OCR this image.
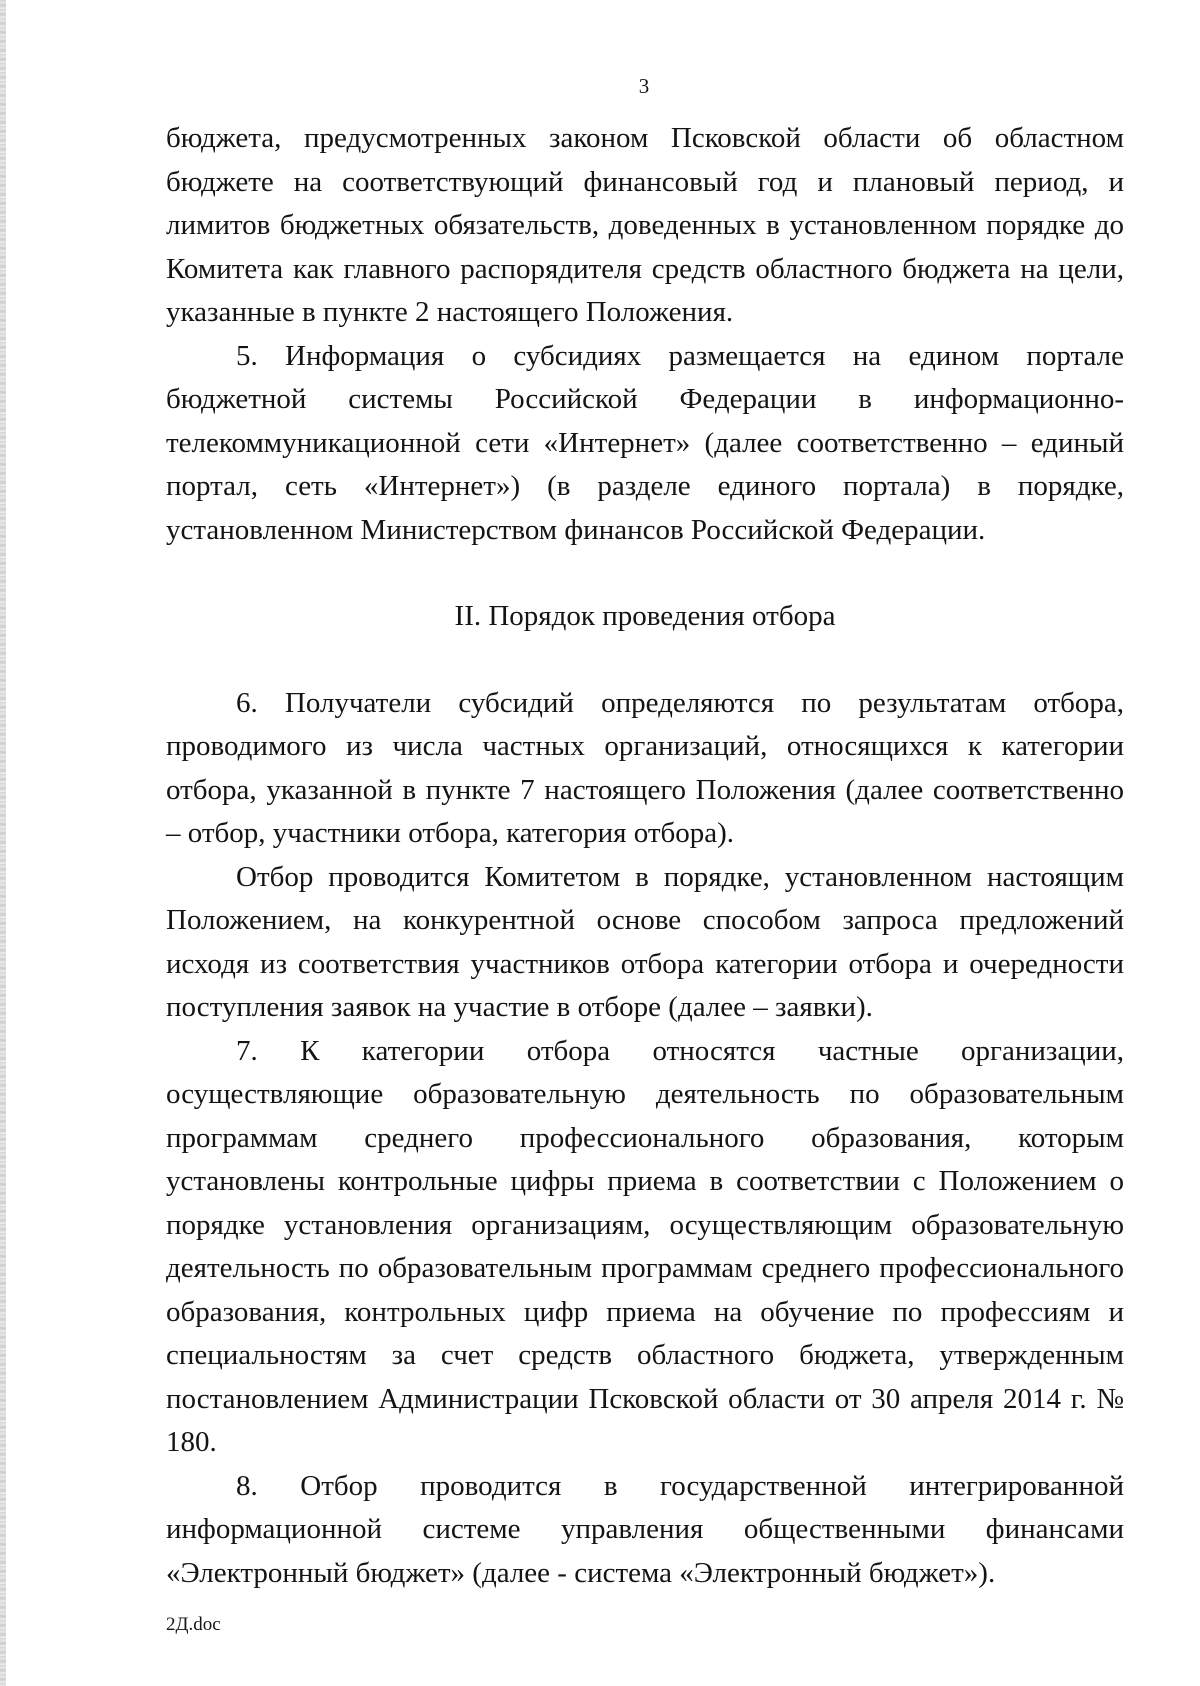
3

бюджета, предусмотренных законом Псковской области об областном бюджете на соответствующий финансовый год и плановый период, и лимитов бюджетных обязательств, доведенных в установленном порядке до Комитета как главного распорядителя средств областного бюджета на цели, указанные в пункте 2 настоящего Положения.

5. Информация о субсидиях размещается на едином портале бюджетной системы Российской Федерации в информационно-телекоммуникационной сети «Интернет» (далее соответственно – единый портал, сеть «Интернет») (в разделе единого портала) в порядке, установленном Министерством финансов Российской Федерации.

II. Порядок проведения отбора

6. Получатели субсидий определяются по результатам отбора, проводимого из числа частных организаций, относящихся к категории отбора, указанной в пункте 7 настоящего Положения (далее соответственно – отбор, участники отбора, категория отбора).

Отбор проводится Комитетом в порядке, установленном настоящим Положением, на конкурентной основе способом запроса предложений исходя из соответствия участников отбора категории отбора и очередности поступления заявок на участие в отборе (далее – заявки).

7. К категории отбора относятся частные организации, осуществляющие образовательную деятельность по образовательным программам среднего профессионального образования, которым установлены контрольные цифры приема в соответствии с Положением о порядке установления организациям, осуществляющим образовательную деятельность по образовательным программам среднего профессионального образования, контрольных цифр приема на обучение по профессиям и специальностям за счет средств областного бюджета, утвержденным постановлением Администрации Псковской области от 30 апреля 2014 г. № 180.

8. Отбор проводится в государственной интегрированной информационной системе управления общественными финансами «Электронный бюджет» (далее - система «Электронный бюджет»).

2Д.doc
